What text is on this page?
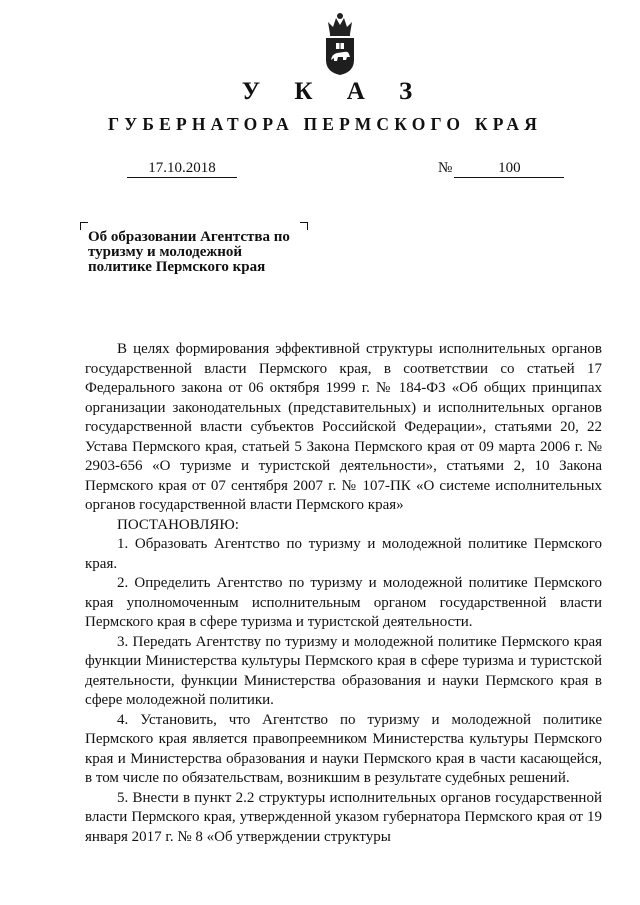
У К А З
ГУБЕРНАТОРА ПЕРМСКОГО КРАЯ
17.10.2018	№	100

Об образовании Агентства по туризму и молодежной политике Пермского края

В целях формирования эффективной структуры исполнительных органов государственной власти Пермского края, в соответствии со статьей 17 Федерального закона от 06 октября 1999 г. № 184-ФЗ «Об общих принципах организации законодательных (представительных) и исполнительных органов государственной власти субъектов Российской Федерации», статьями 20, 22 Устава Пермского края, статьей 5 Закона Пермского края от 09 марта 2006 г. № 2903-656 «О туризме и туристской деятельности», статьями 2, 10 Закона Пермского края от 07 сентября 2007 г. № 107-ПК «О системе исполнительных органов государственной власти Пермского края»

ПОСТАНОВЛЯЮ:

1. Образовать Агентство по туризму и молодежной политике Пермского края.

2. Определить Агентство по туризму и молодежной политике Пермского края уполномоченным исполнительным органом государственной власти Пермского края в сфере туризма и туристской деятельности.

3. Передать Агентству по туризму и молодежной политике Пермского края функции Министерства культуры Пермского края в сфере туризма и туристской деятельности, функции Министерства образования и науки Пермского края в сфере молодежной политики.

4. Установить, что Агентство по туризму и молодежной политике Пермского края является правопреемником Министерства культуры Пермского края и Министерства образования и науки Пермского края в части касающейся, в том числе по обязательствам, возникшим в результате судебных решений.

5. Внести в пункт 2.2 структуры исполнительных органов государственной власти Пермского края, утвержденной указом губернатора Пермского края от 19 января 2017 г. № 8 «Об утверждении структуры
